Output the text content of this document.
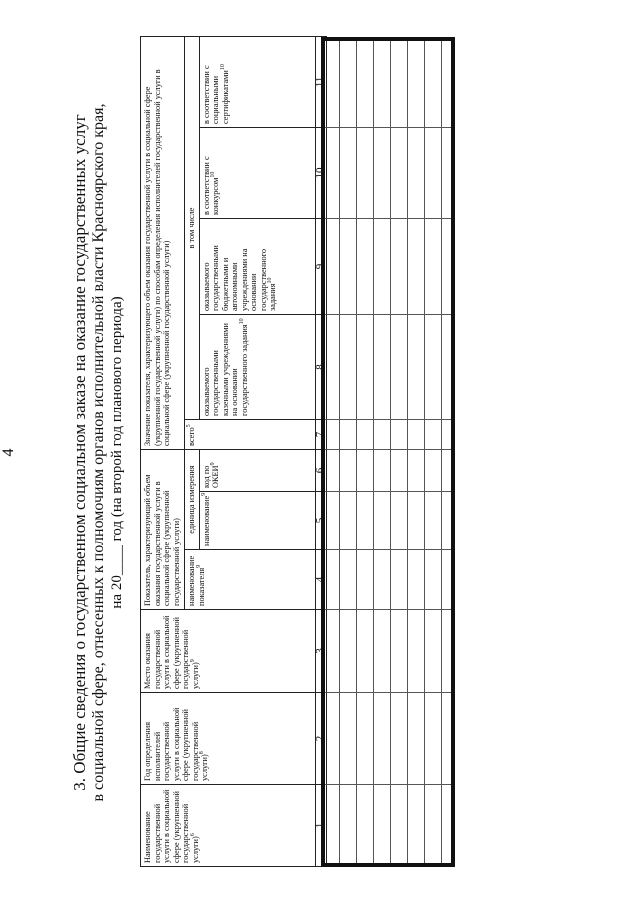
4	3. Общие сведения о государственном социальном заказе на оказание государственных услуг в социальной сфере, отнесенных к полномочиям органов исполнительной власти Красноярского края, на 20____ год (на второй год планового периода)
Наименование государственной услуги в социальной сфере (укрупненной государственной услуги)$^6$	Год определения исполнителей государственной услуги в социальной сфере (укрупненной государственной услуги)$^8$	Место оказания государственной услуги в социальной сфере (укрупненной государственной услуги)$^9$	Показатель, характеризующий объем оказания государственной услуги в социальной сфере (укрупненной государственной услуги)			Значение показателя, характеризующего объем оказания государственной услуги в социальной сфере (укрупненной государственной услуги) по способам определения исполнителей государственной услуги в социальной сфере (укрупненной государственной услуги)				
			наименование показателя$^9$	единица измерения		всего$^5$	в том числе			
				наименование$^9$	код по ОКЕИ$^9$		оказываемого государственными казенными учреждениями на основании государственного задания$^{10}$	оказываемого государственными бюджетными и автономными учреждениями на основании государственного задания$^{10}$	в соответствии с конкурсом$^{10}$	в соответствии с социальными сертификатами$^{10}$
1	2	3	4	5	6	7	8	9	10	11
